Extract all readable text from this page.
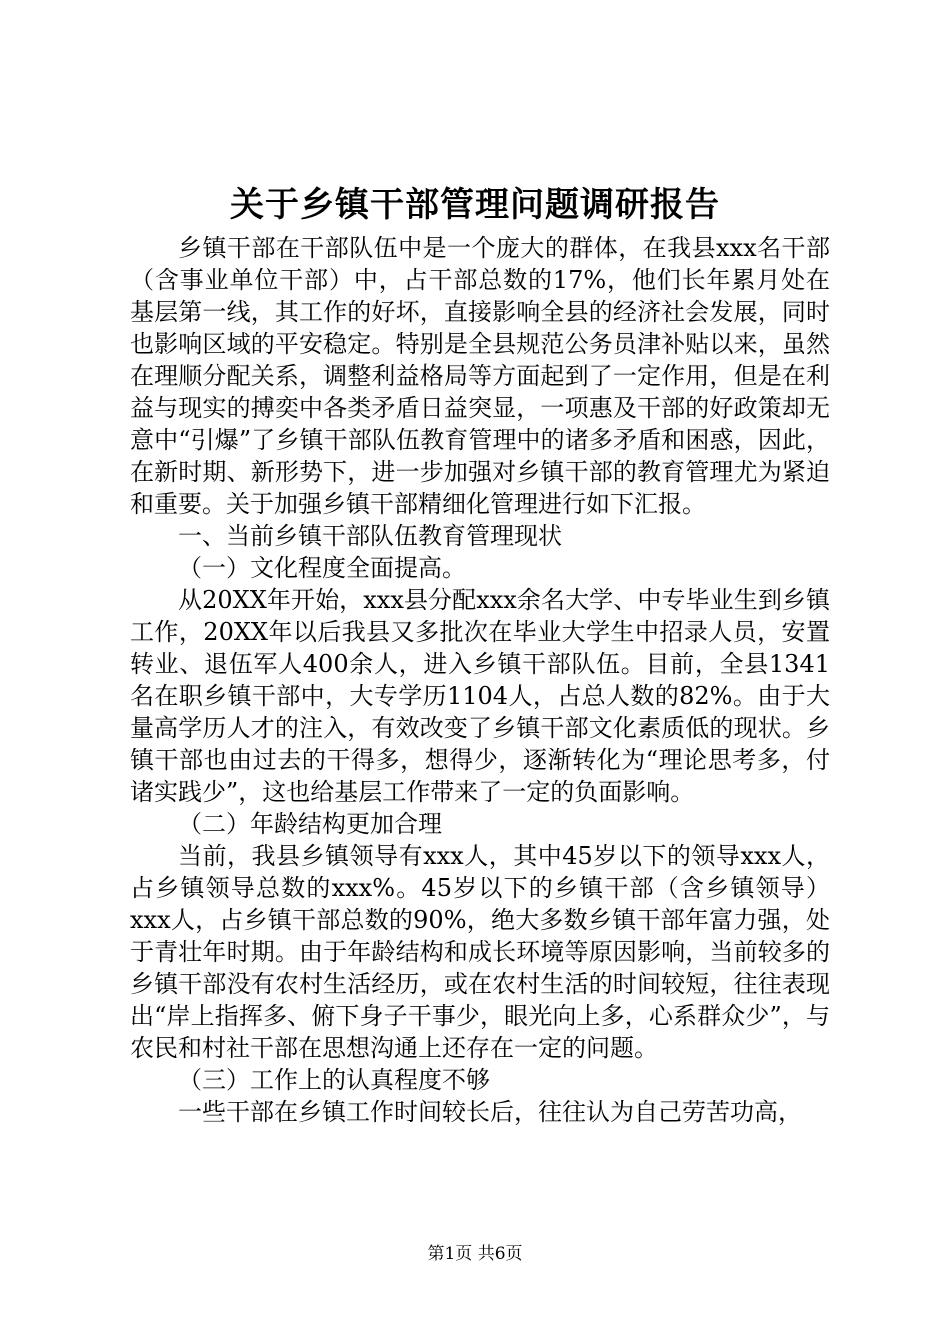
关于乡镇干部管理问题调研报告

乡镇干部在干部队伍中是一个庞大的群体，在我县xxx名干部（含事业单位干部）中，占干部总数的17%，他们长年累月处在基层第一线，其工作的好坏，直接影响全县的经济社会发展，同时也影响区域的平安稳定。特别是全县规范公务员津补贴以来，虽然在理顺分配关系，调整利益格局等方面起到了一定作用，但是在利益与现实的搏奕中各类矛盾日益突显，一项惠及干部的好政策却无意中“引爆”了乡镇干部队伍教育管理中的诸多矛盾和困惑，因此，在新时期、新形势下，进一步加强对乡镇干部的教育管理尤为紧迫和重要。关于加强乡镇干部精细化管理进行如下汇报。

一、当前乡镇干部队伍教育管理现状

（一）文化程度全面提高。

从20XX年开始，xxx县分配xxx余名大学、中专毕业生到乡镇工作，20XX年以后我县又多批次在毕业大学生中招录人员，安置转业、退伍军人400余人，进入乡镇干部队伍。目前，全县1341名在职乡镇干部中，大专学历1104人，占总人数的82%。由于大量高学历人才的注入，有效改变了乡镇干部文化素质低的现状。乡镇干部也由过去的干得多，想得少，逐渐转化为“理论思考多，付诸实践少”，这也给基层工作带来了一定的负面影响。

（二）年龄结构更加合理

当前，我县乡镇领导有xxx人，其中45岁以下的领导xxx人，占乡镇领导总数的xxx%。45岁以下的乡镇干部（含乡镇领导）xxx人，占乡镇干部总数的90%，绝大多数乡镇干部年富力强，处于青壮年时期。由于年龄结构和成长环境等原因影响，当前较多的乡镇干部没有农村生活经历，或在农村生活的时间较短，往往表现出“岸上指挥多、俯下身子干事少，眼光向上多，心系群众少”，与农民和村社干部在思想沟通上还存在一定的问题。

（三）工作上的认真程度不够

一些干部在乡镇工作时间较长后，往往认为自己劳苦功高，

第1页 共6页
